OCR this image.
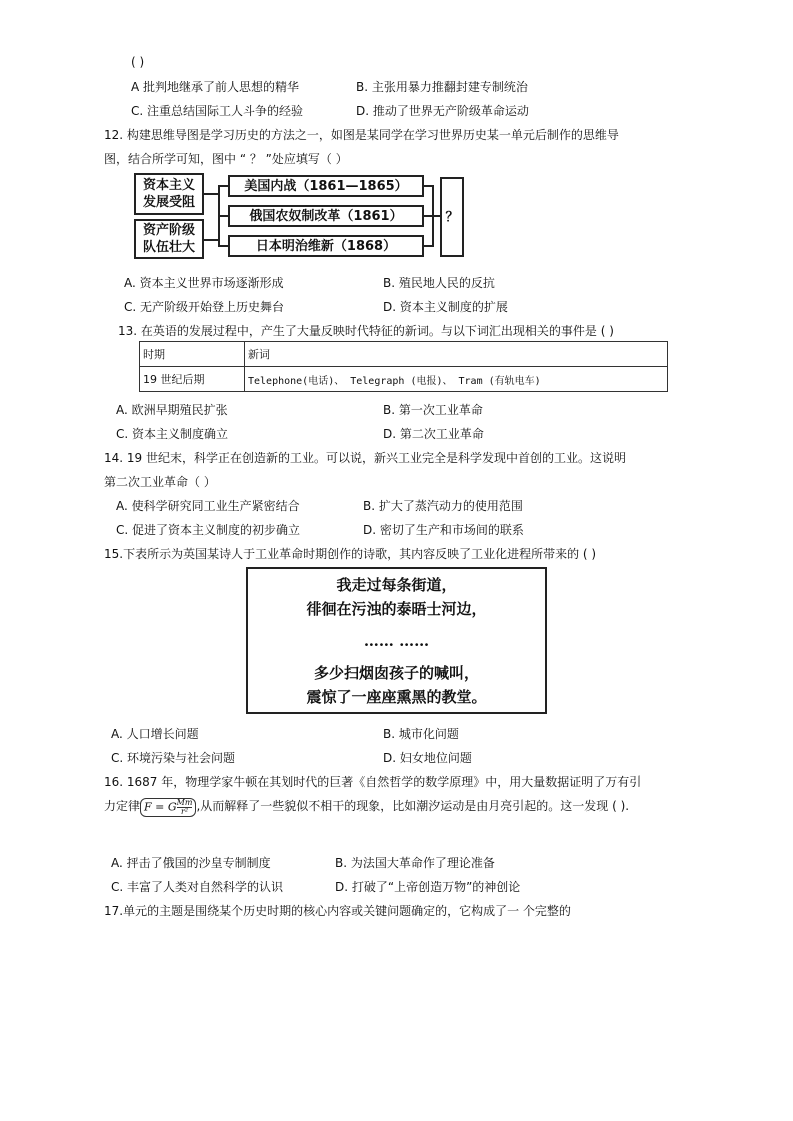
( )
A 批判地继承了前人思想的精华	B. 主张用暴力推翻封建专制统治
C. 注重总结国际工人斗争的经验	D. 推动了世界无产阶级革命运动
12. 构建思维导图是学习历史的方法之一，如图是某同学在学习世界历史某一单元后制作的思维导
图，结合所学可知，图中 “ ？ ”处应填写（ ）
资本主义
发展受阻
资产阶级
队伍壮大
美国内战（1861—1865）
俄国农奴制改革（1861）
日本明治维新（1868）
？
A. 资本主义世界市场逐渐形成	B. 殖民地人民的反抗
C. 无产阶级开始登上历史舞台	D. 资本主义制度的扩展
13. 在英语的发展过程中，产生了大量反映时代特征的新词。与以下词汇出现相关的事件是 ( )
时期	新词
19 世纪后期	Telephone(电话)、 Telegraph (电报)、 Tram (有轨电车)
A. 欧洲早期殖民扩张	B. 第一次工业革命
C. 资本主义制度确立	D. 第二次工业革命
14. 19 世纪末，科学正在创造新的工业。可以说，新兴工业完全是科学发现中首创的工业。这说明
第二次工业革命（ ）
A. 使科学研究同工业生产紧密结合	B. 扩大了蒸汽动力的使用范围
C. 促进了资本主义制度的初步确立	D. 密切了生产和市场间的联系
15.下表所示为英国某诗人于工业革命时期创作的诗歌，其内容反映了工业化进程所带来的 ( )
我走过每条街道，
徘徊在污浊的泰晤士河边，
…… ……
多少扫烟囱孩子的喊叫，
震惊了一座座熏黑的教堂。
A. 人口增长问题	B. 城市化问题
C. 环境污染与社会问题	D. 妇女地位问题
16. 1687 年，物理学家牛顿在其划时代的巨著《自然哲学的数学原理》中，用大量数据证明了万有引
力定律 F = G $\frac{Mm}{\text{r²}}$ ,从而解释了一些貌似不相干的现象，比如潮汐运动是由月亮引起的。这一发现 ( ).
A. 抨击了俄国的沙皇专制制度	B. 为法国大革命作了理论准备
C. 丰富了人类对自然科学的认识	D. 打破了“上帝创造万物”的神创论
17.单元的主题是围绕某个历史时期的核心内容或关键问题确定的，它构成了一 个完整的
